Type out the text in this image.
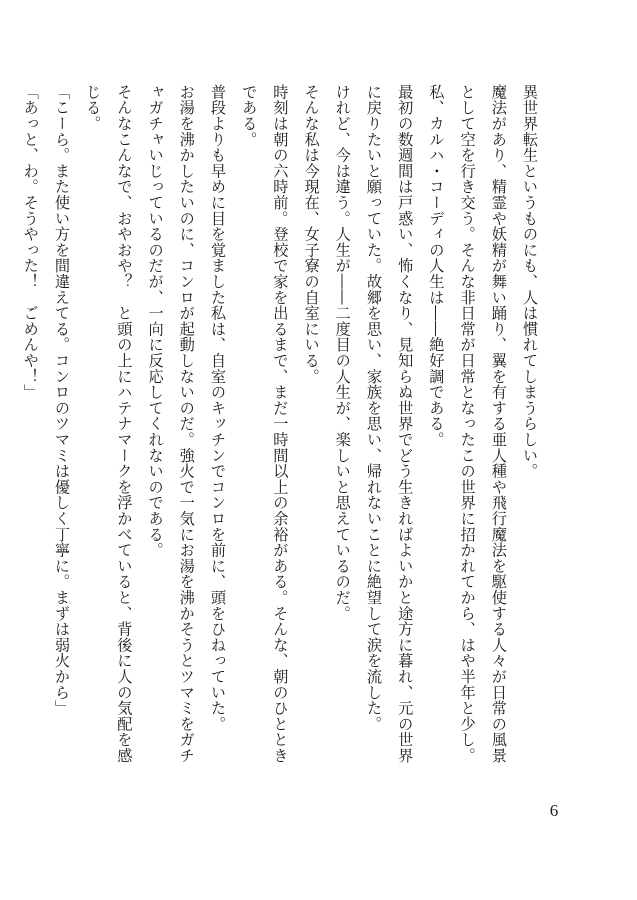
異世界転生というものにも、人は慣れてしまうらしい。

魔法があり、精霊や妖精が舞い踊り、翼を有する亜人種や飛行魔法を駆使する人々が日常の風景として空を行き交う。そんな非日常が日常となったこの世界に招かれてから、はや半年と少し。

私、カルハ・コーディの人生は――絶好調である。

最初の数週間は戸惑い、怖くなり、見知らぬ世界でどう生きればよいかと途方に暮れ、元の世界に戻りたいと願っていた。故郷を思い、家族を思い、帰れないことに絶望して涙を流した。

けれど、今は違う。人生が――二度目の人生が、楽しいと思えているのだ。

そんな私は今現在、女子寮の自室にいる。

時刻は朝の六時前。登校で家を出るまで、まだ一時間以上の余裕がある。そんな、朝のひとときである。

普段よりも早めに目を覚ました私は、自室のキッチンでコンロを前に、頭をひねっていた。

お湯を沸かしたいのに、コンロが起動しないのだ。強火で一気にお湯を沸かそうとツマミをガチャガチャいじっているのだが、一向に反応してくれないのである。

そんなこんなで、おやおや？　と頭の上にハテナマークを浮かべていると、背後に人の気配を感じる。

「こーら。また使い方を間違えてる。コンロのツマミは優しく丁寧に。まずは弱火から」

「あっと、わ。そうやった！　ごめんや！」

6
